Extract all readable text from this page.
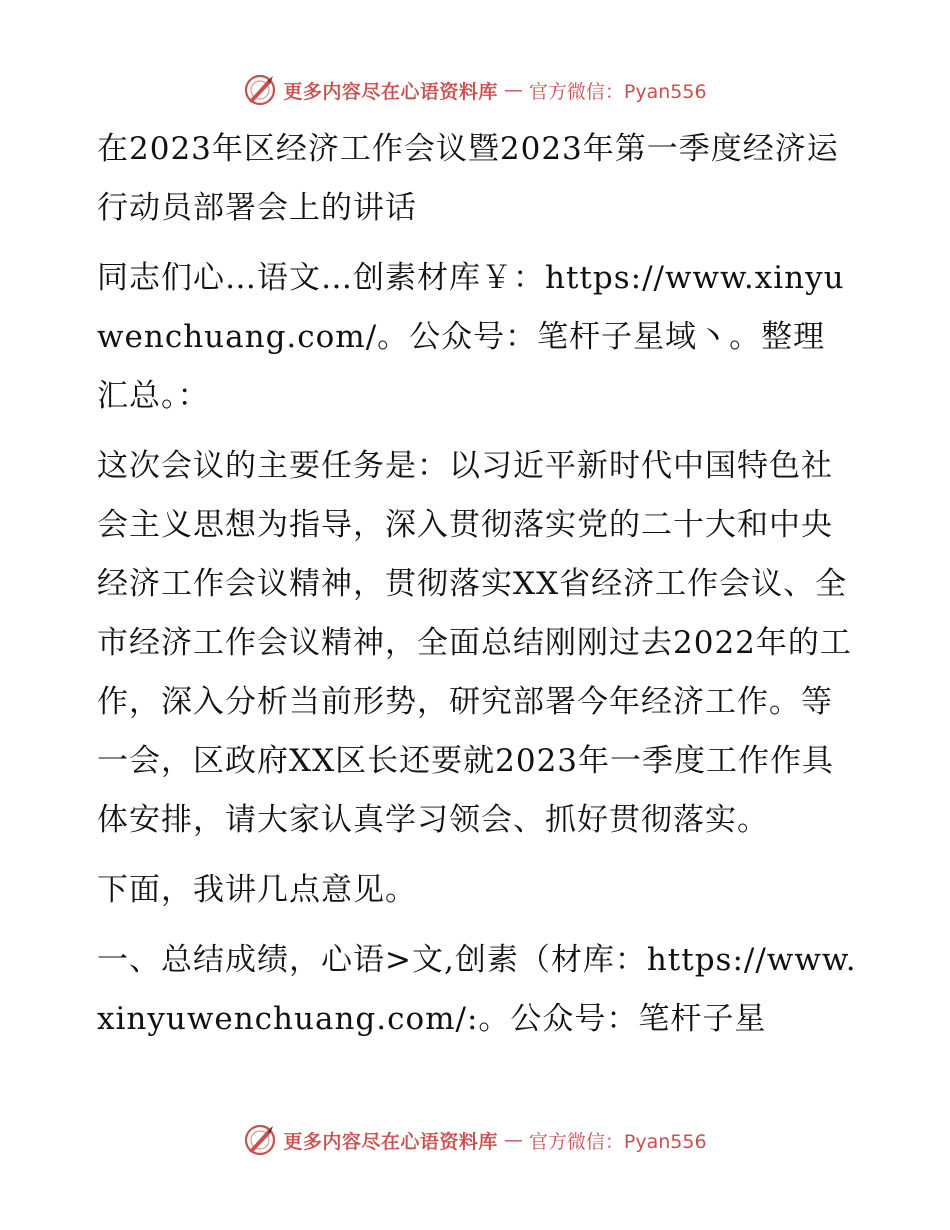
更多内容尽在心语资料库 — 官方微信：Pyan556

在2023年区经济工作会议暨2023年第一季度经济运行动员部署会上的讲话

同志们心…语文…创素材库￥：https://www.xinyuwenchuang.com/。公众号：笔杆子星域丶。整理汇总。：

这次会议的主要任务是：以习近平新时代中国特色社会主义思想为指导，深入贯彻落实党的二十大和中央经济工作会议精神，贯彻落实XX省经济工作会议、全市经济工作会议精神，全面总结刚刚过去2022年的工作，深入分析当前形势，研究部署今年经济工作。等一会，区政府XX区长还要就2023年一季度工作作具体安排，请大家认真学习领会、抓好贯彻落实。

下面，我讲几点意见。

一、总结成绩，心语>文,创素（材库：https://www.xinyuwenchuang.com/:。公众号：笔杆子星

更多内容尽在心语资料库 — 官方微信：Pyan556
